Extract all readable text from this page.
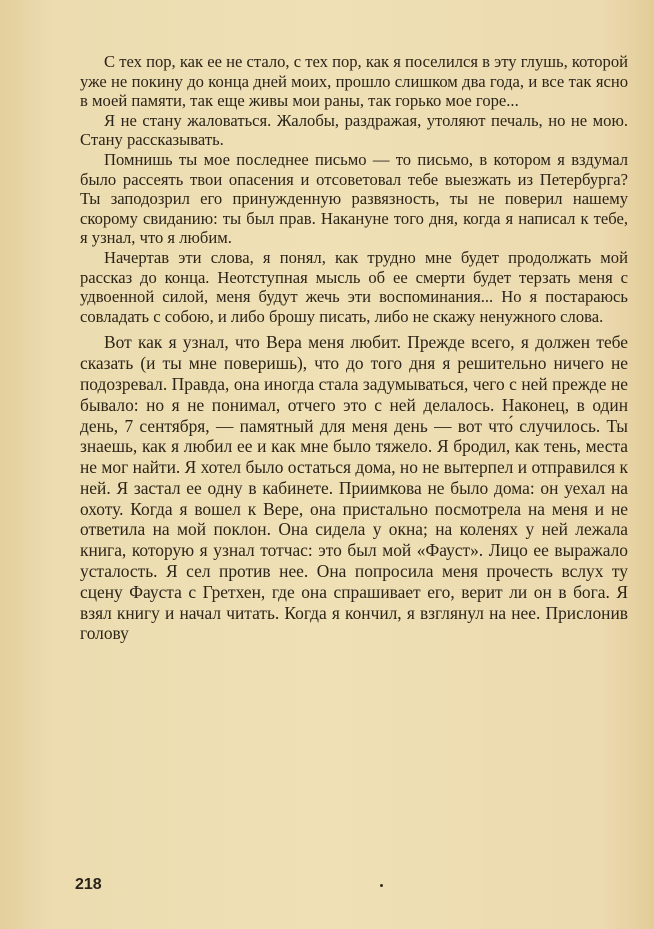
С тех пор, как ее не стало, с тех пор, как я поселился в эту глушь, которой уже не покину до конца дней моих, прошло слишком два года, и все так ясно в моей памяти, так еще живы мои раны, так горько мое горе...

Я не стану жаловаться. Жалобы, раздражая, утоляют печаль, но не мою. Стану рассказывать.

Помнишь ты мое последнее письмо — то письмо, в котором я вздумал было рассеять твои опасения и отсоветовал тебе выезжать из Петербурга? Ты заподозрил его принужденную развязность, ты не поверил нашему скорому свиданию: ты был прав. Накануне того дня, когда я написал к тебе, я узнал, что я любим.

Начертав эти слова, я понял, как трудно мне будет продолжать мой рассказ до конца. Неотступная мысль об ее смерти будет терзать меня с удвоенной силой, меня будут жечь эти воспоминания... Но я постараюсь совладать с собою, и либо брошу писать, либо не скажу ненужного слова.

Вот как я узнал, что Вера меня любит. Прежде всего, я должен тебе сказать (и ты мне поверишь), что до того дня я решительно ничего не подозревал. Правда, она иногда стала задумываться, чего с ней прежде не бывало: но я не понимал, отчего это с ней делалось. Наконец, в один день, 7 сентября, — памятный для меня день — вот что́ случилось. Ты знаешь, как я любил ее и как мне было тяжело. Я бродил, как тень, места не мог найти. Я хотел было остаться дома, но не вытерпел и отправился к ней. Я застал ее одну в кабинете. Приимкова не было дома: он уехал на охоту. Когда я вошел к Вере, она пристально посмотрела на меня и не ответила на мой поклон. Она сидела у окна; на коленях у ней лежала книга, которую я узнал тотчас: это был мой «Фауст». Лицо ее выражало усталость. Я сел против нее. Она попросила меня прочесть вслух ту сцену Фауста с Гретхен, где она спрашивает его, верит ли он в бога. Я взял книгу и начал читать. Когда я кончил, я взглянул на нее. Прислонив голову

218
